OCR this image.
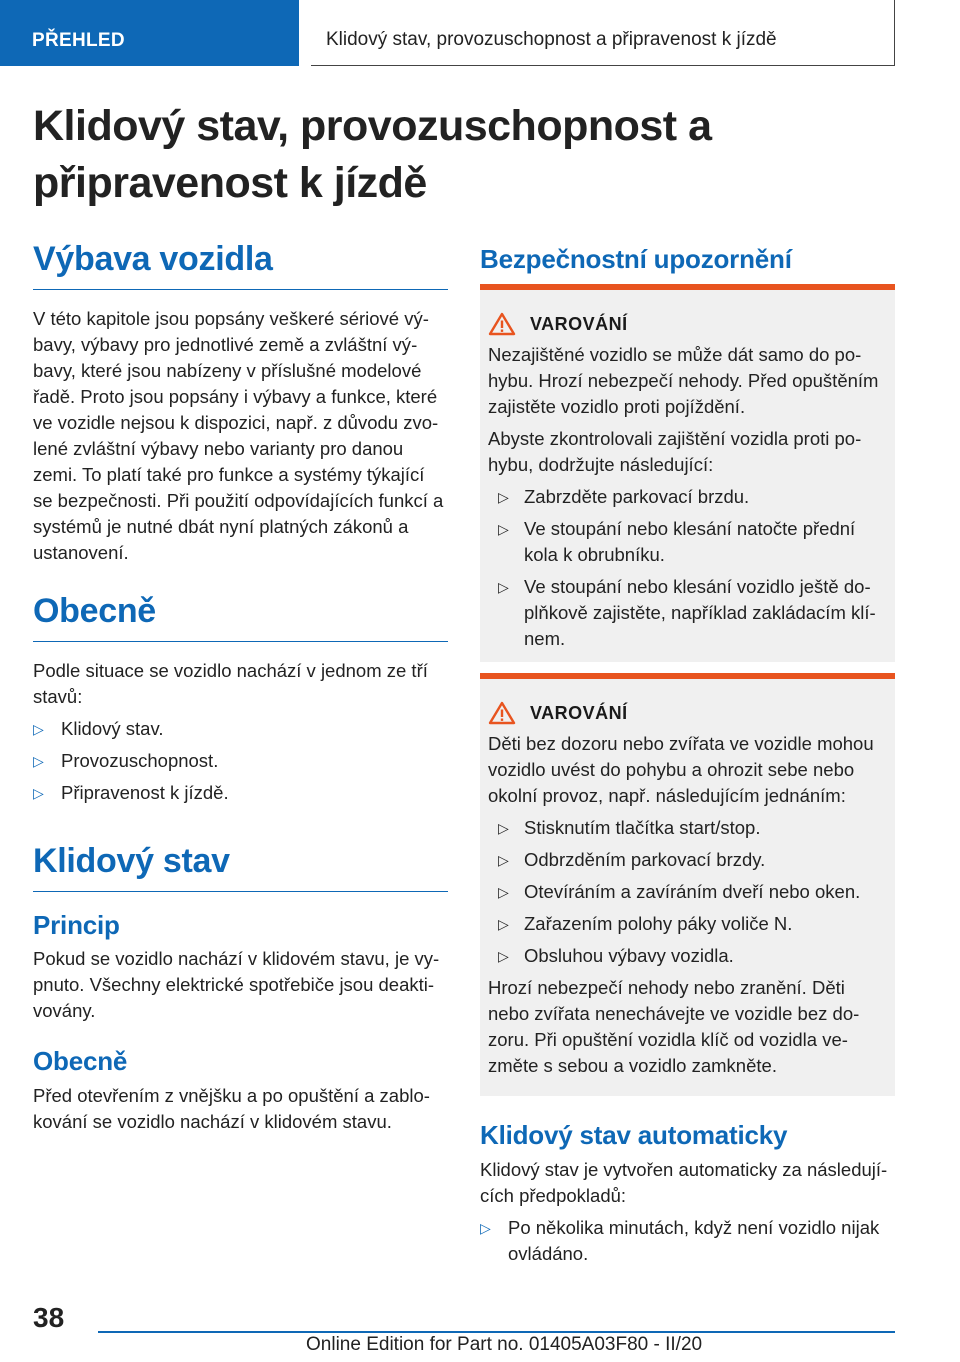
PŘEHLED	Klidový stav, provozuschopnost a připravenost k jízdě
Klidový stav, provozuschopnost a připravenost k jízdě
Výbava vozidla
V této kapitole jsou popsány veškeré sériové výbavy, výbavy pro jednotlivé země a zvláštní výbavy, které jsou nabízeny v příslušné modelové řadě. Proto jsou popsány i výbavy a funkce, které ve vozidle nejsou k dispozici, např. z důvodu zvolené zvláštní výbavy nebo varianty pro danou zemi. To platí také pro funkce a systémy týkající se bezpečnosti. Při použití odpovídajících funkcí a systémů je nutné dbát nyní platných zákonů a ustanovení.
Obecně
Podle situace se vozidlo nachází v jednom ze tří stavů:
▷ Klidový stav.
▷ Provozuschopnost.
▷ Připravenost k jízdě.
Klidový stav
Princip
Pokud se vozidlo nachází v klidovém stavu, je vypnuto. Všechny elektrické spotřebiče jsou deaktivovány.
Obecně
Před otevřením z vnějšku a po opuštění a zablokování se vozidlo nachází v klidovém stavu.
Bezpečnostní upozornění
VAROVÁNÍ
Nezajištěné vozidlo se může dát samo do pohybu. Hrozí nebezpečí nehody. Před opuštěním zajistěte vozidlo proti pojíždění.
Abyste zkontrolovali zajištění vozidla proti pohybu, dodržujte následující:
▷ Zabrzděte parkovací brzdu.
▷ Ve stoupání nebo klesání natočte přední kola k obrubníku.
▷ Ve stoupání nebo klesání vozidlo ještě doplňkově zajistěte, například zakládacím klínem.
VAROVÁNÍ
Děti bez dozoru nebo zvířata ve vozidle mohou vozidlo uvést do pohybu a ohrozit sebe nebo okolní provoz, např. následujícím jednáním:
▷ Stisknutím tlačítka start/stop.
▷ Odbrzděním parkovací brzdy.
▷ Otevíráním a zavíráním dveří nebo oken.
▷ Zařazením polohy páky voliče N.
▷ Obsluhou výbavy vozidla.
Hrozí nebezpečí nehody nebo zranění. Děti nebo zvířata nenechávejte ve vozidle bez dozoru. Při opuštění vozidla klíč od vozidla vezměte s sebou a vozidlo zamkněte.
Klidový stav automaticky
Klidový stav je vytvořen automaticky za následujících předpokladů:
▷ Po několika minutách, když není vozidlo nijak ovládáno.
38
Online Edition for Part no. 01405A03F80 - II/20
